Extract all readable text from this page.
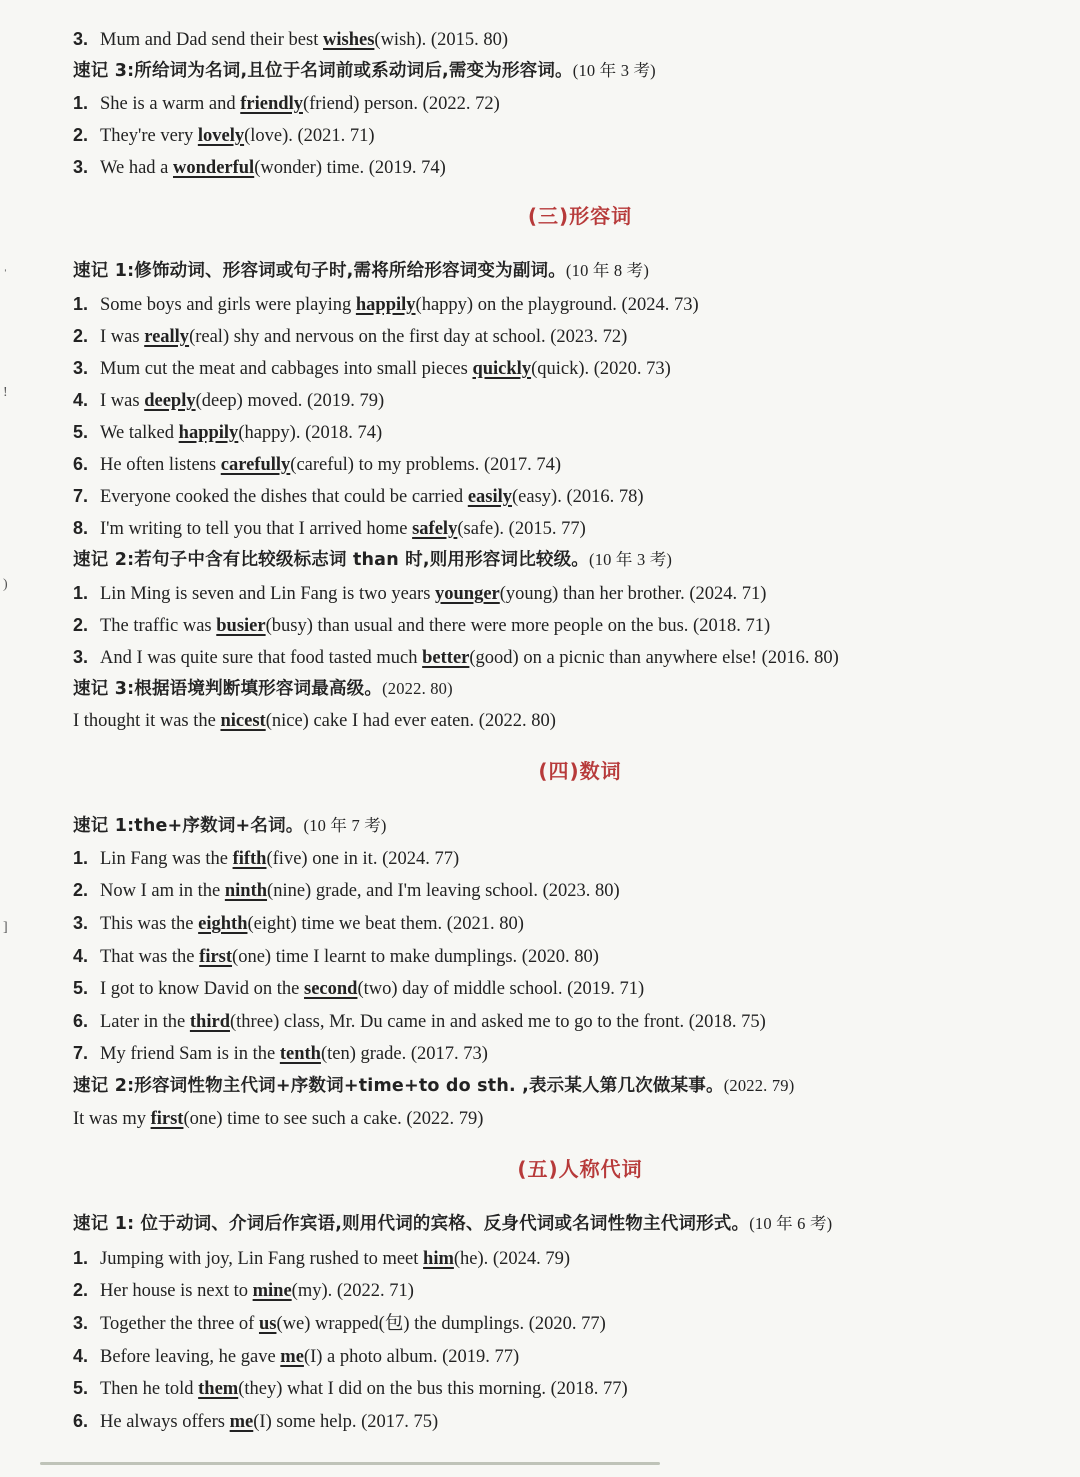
3. Mum and Dad send their best wishes(wish). (2015. 80)
速记 3:所给词为名词,且位于名词前或系动词后,需变为形容词。(10 年 3 考)
1. She is a warm and friendly(friend) person. (2022. 72)
2. They're very lovely(love). (2021. 71)
3. We had a wonderful(wonder) time. (2019. 74)
(三)形容词
速记 1:修饰动词、形容词或句子时,需将所给形容词变为副词。(10 年 8 考)
1. Some boys and girls were playing happily(happy) on the playground. (2024. 73)
2. I was really(real) shy and nervous on the first day at school. (2023. 72)
3. Mum cut the meat and cabbages into small pieces quickly(quick). (2020. 73)
4. I was deeply(deep) moved. (2019. 79)
5. We talked happily(happy). (2018. 74)
6. He often listens carefully(careful) to my problems. (2017. 74)
7. Everyone cooked the dishes that could be carried easily(easy). (2016. 78)
8. I'm writing to tell you that I arrived home safely(safe). (2015. 77)
速记 2:若句子中含有比较级标志词 than 时,则用形容词比较级。(10 年 3 考)
1. Lin Ming is seven and Lin Fang is two years younger(young) than her brother. (2024. 71)
2. The traffic was busier(busy) than usual and there were more people on the bus. (2018. 71)
3. And I was quite sure that food tasted much better(good) on a picnic than anywhere else! (2016. 80)
速记 3:根据语境判断填形容词最高级。(2022. 80)
I thought it was the nicest(nice) cake I had ever eaten. (2022. 80)
(四)数词
速记 1:the+序数词+名词。(10 年 7 考)
1. Lin Fang was the fifth(five) one in it. (2024. 77)
2. Now I am in the ninth(nine) grade, and I'm leaving school. (2023. 80)
3. This was the eighth(eight) time we beat them. (2021. 80)
4. That was the first(one) time I learnt to make dumplings. (2020. 80)
5. I got to know David on the second(two) day of middle school. (2019. 71)
6. Later in the third(three) class, Mr. Du came in and asked me to go to the front. (2018. 75)
7. My friend Sam is in the tenth(ten) grade. (2017. 73)
速记 2:形容词性物主代词+序数词+time+to do sth. ,表示某人第几次做某事。(2022. 79)
It was my first(one) time to see such a cake. (2022. 79)
(五)人称代词
速记 1: 位于动词、介词后作宾语,则用代词的宾格、反身代词或名词性物主代词形式。(10 年 6 考)
1. Jumping with joy, Lin Fang rushed to meet him(he). (2024. 79)
2. Her house is next to mine(my). (2022. 71)
3. Together the three of us(we) wrapped(包) the dumplings. (2020. 77)
4. Before leaving, he gave me(I) a photo album. (2019. 77)
5. Then he told them(they) what I did on the bus this morning. (2018. 77)
6. He always offers me(I) some help. (2017. 75)
ˈ
!
)
]
